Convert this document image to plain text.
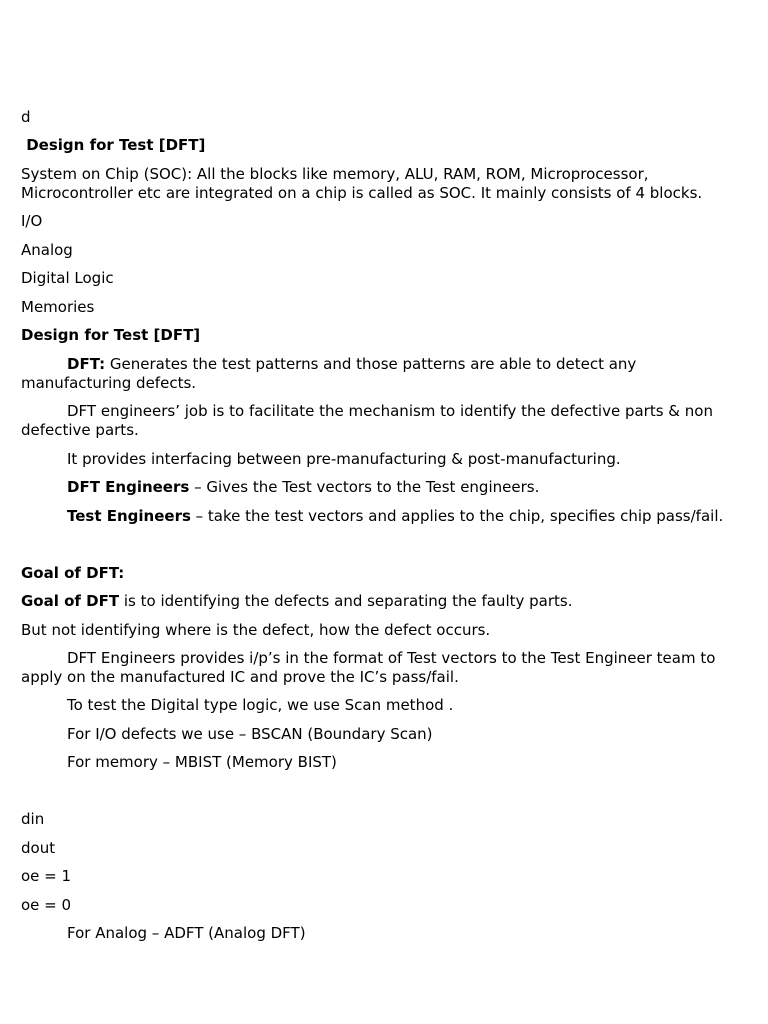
d
Design for Test [DFT]
System on Chip (SOC): All the blocks like memory, ALU, RAM, ROM, Microprocessor, Microcontroller etc are integrated on a chip is called as SOC. It mainly consists of 4 blocks.
I/O
Analog
Digital Logic
Memories
Design for Test [DFT]
DFT: Generates the test patterns and those patterns are able to detect any manufacturing defects.
DFT engineers’ job is to facilitate the mechanism to identify the defective parts & non defective parts.
It provides interfacing between pre-manufacturing & post-manufacturing.
DFT Engineers – Gives the Test vectors to the Test engineers.
Test Engineers – take the test vectors and applies to the chip, specifies chip pass/fail.
Goal of DFT:
Goal of DFT is to identifying the defects and separating the faulty parts.
But not identifying where is the defect, how the defect occurs.
DFT Engineers provides i/p’s in the format of Test vectors to the Test Engineer team to apply on the manufactured IC and prove the IC’s pass/fail.
To test the Digital type logic, we use Scan method .
For I/O defects we use – BSCAN (Boundary Scan)
For memory – MBIST (Memory BIST)
din
dout
oe = 1
oe = 0
For Analog – ADFT (Analog DFT)
